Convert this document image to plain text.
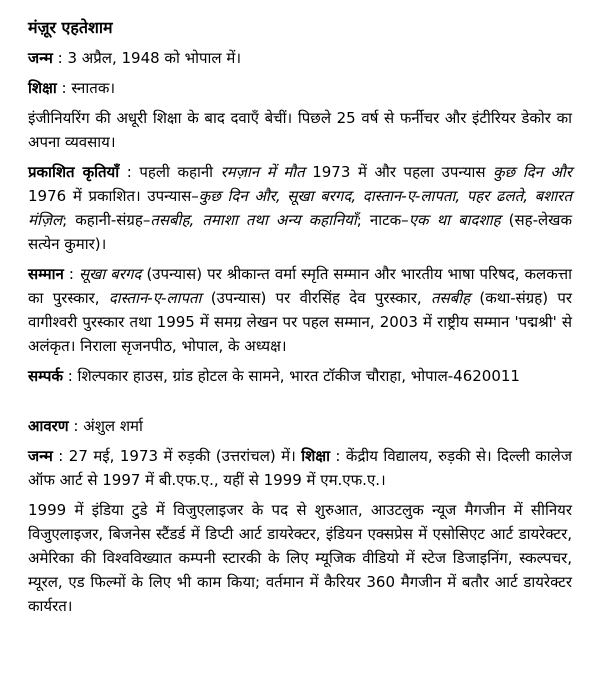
मंज़ूर एहतेशाम
जन्म : 3 अप्रैल, 1948 को भोपाल में।
शिक्षा : स्नातक।
इंजीनियरिंग की अधूरी शिक्षा के बाद दवाएँ बेचीं। पिछले 25 वर्ष से फर्नीचर और इंटीरियर डेकोर का अपना व्यवसाय।
प्रकाशित कृतियाँ : पहली कहानी रमज़ान में मौत 1973 में और पहला उपन्यास कुछ दिन और 1976 में प्रकाशित। उपन्यास–कुछ दिन और, सूखा बरगद, दास्तान-ए-लापता, पहर ढलते, बशारत मंज़िल; कहानी-संग्रह–तसबीह, तमाशा तथा अन्य कहानियाँ; नाटक–एक था बादशाह (सह-लेखक सत्येन कुमार)।
सम्मान : सूखा बरगद (उपन्यास) पर श्रीकान्त वर्मा स्मृति सम्मान और भारतीय भाषा परिषद, कलकत्ता का पुरस्कार, दास्तान-ए-लापता (उपन्यास) पर वीरसिंह देव पुरस्कार, तसबीह (कथा-संग्रह) पर वागीश्वरी पुरस्कार तथा 1995 में समग्र लेखन पर पहल सम्मान, 2003 में राष्ट्रीय सम्मान 'पद्मश्री' से अलंकृत। निराला सृजनपीठ, भोपाल, के अध्यक्ष।
सम्पर्क : शिल्पकार हाउस, ग्रांड होटल के सामने, भारत टॉकीज चौराहा, भोपाल-4620011
आवरण : अंशुल शर्मा
जन्म : 27 मई, 1973 में रुड़की (उत्तरांचल) में। शिक्षा : केंद्रीय विद्यालय, रुड़की से। दिल्ली कालेज ऑफ आर्ट से 1997 में बी.एफ.ए., यहीं से 1999 में एम.एफ.ए.।
1999 में इंडिया टुडे में विजुएलाइजर के पद से शुरुआत, आउटलुक न्यूज मैगजीन में सीनियर विजुएलाइजर, बिजनेस स्टैंडर्ड में डिप्टी आर्ट डायरेक्टर, इंडियन एक्सप्रेस में एसोसिएट आर्ट डायरेक्टर, अमेरिका की विश्वविख्यात कम्पनी स्टारकी के लिए म्यूजिक वीडियो में स्टेज डिजाइनिंग, स्कल्पचर, म्यूरल, एड फिल्मों के लिए भी काम किया; वर्तमान में कैरियर 360 मैगजीन में बतौर आर्ट डायरेक्टर कार्यरत।
